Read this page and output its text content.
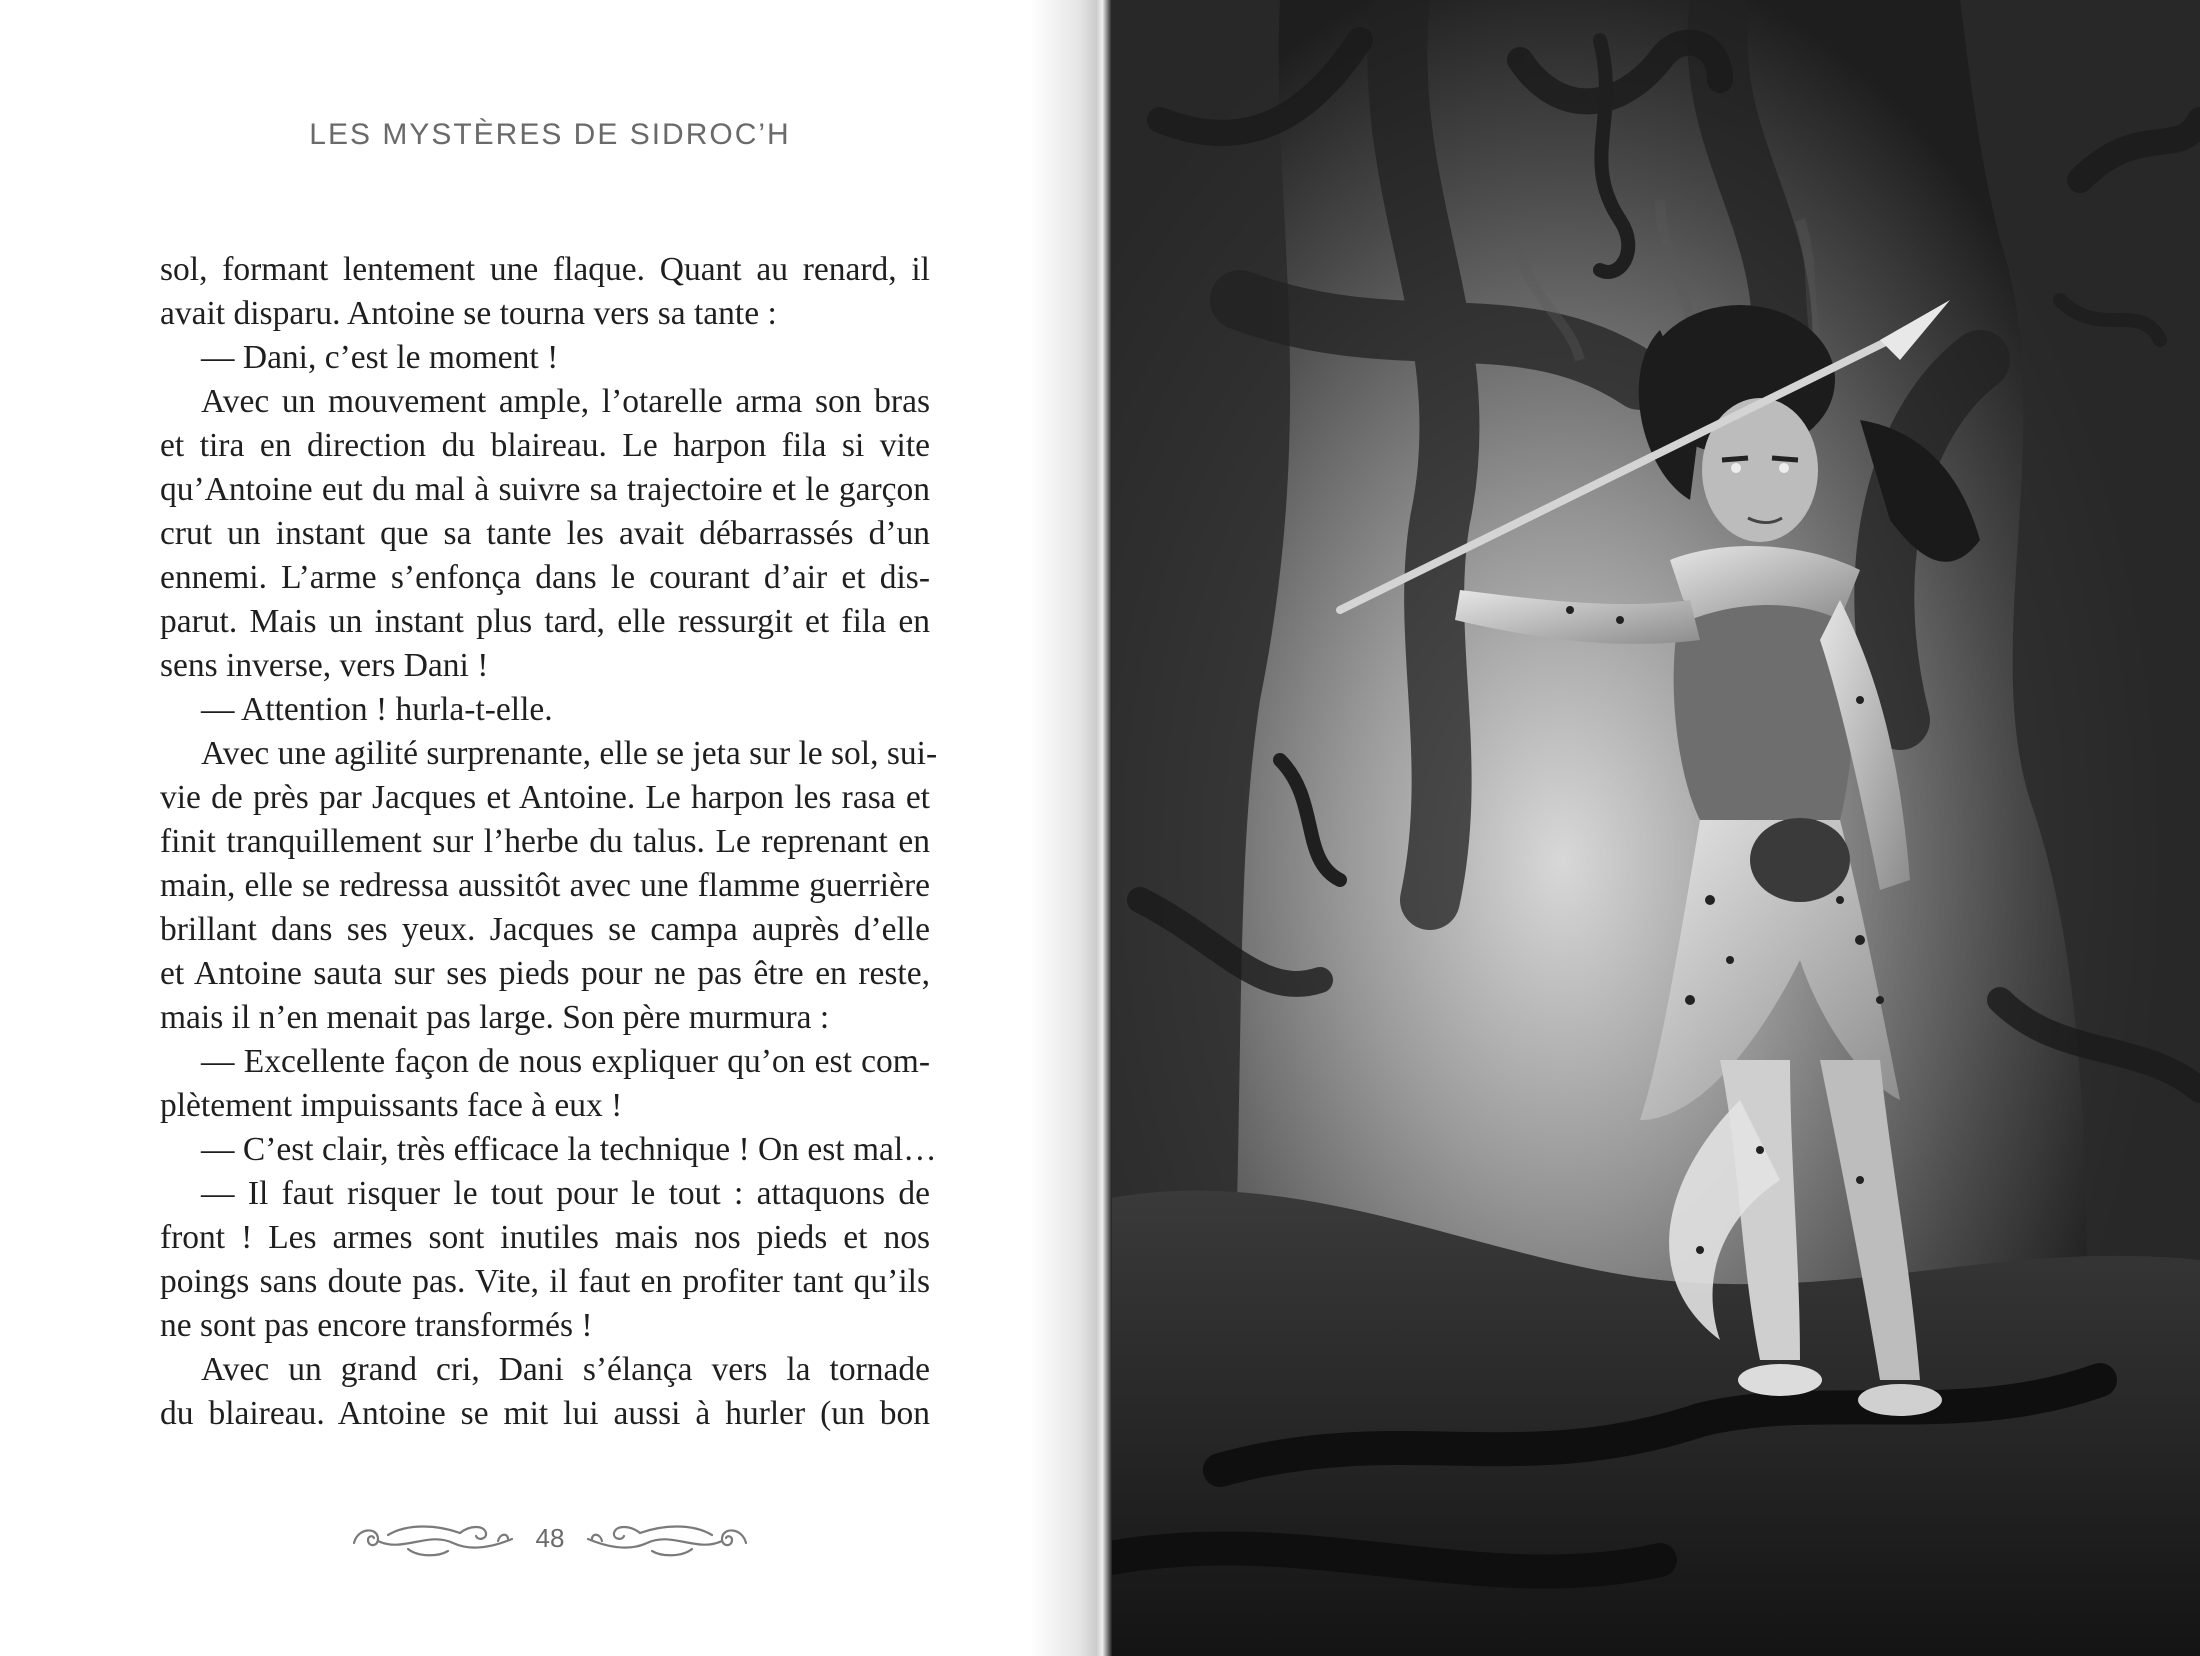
LES MYSTÈRES DE SIDROC’H
sol, formant lentement une flaque. Quant au renard, il
avait disparu. Antoine se tourna vers sa tante :
— Dani, c’est le moment !
Avec un mouvement ample, l’otarelle arma son bras
et tira en direction du blaireau. Le harpon fila si vite
qu’Antoine eut du mal à suivre sa trajectoire et le garçon
crut un instant que sa tante les avait débarrassés d’un
ennemi. L’arme s’enfonça dans le courant d’air et dis-
parut. Mais un instant plus tard, elle ressurgit et fila en
sens inverse, vers Dani !
— Attention ! hurla-t-elle.
Avec une agilité surprenante, elle se jeta sur le sol, sui-
vie de près par Jacques et Antoine. Le harpon les rasa et
finit tranquillement sur l’herbe du talus. Le reprenant en
main, elle se redressa aussitôt avec une flamme guerrière
brillant dans ses yeux. Jacques se campa auprès d’elle
et Antoine sauta sur ses pieds pour ne pas être en reste,
mais il n’en menait pas large. Son père murmura :
— Excellente façon de nous expliquer qu’on est com-
plètement impuissants face à eux !
— C’est clair, très efficace la technique ! On est mal…
— Il faut risquer le tout pour le tout : attaquons de
front ! Les armes sont inutiles mais nos pieds et nos
poings sans doute pas. Vite, il faut en profiter tant qu’ils
ne sont pas encore transformés !
Avec un grand cri, Dani s’élança vers la tornade
du blaireau. Antoine se mit lui aussi à hurler (un bon
48
